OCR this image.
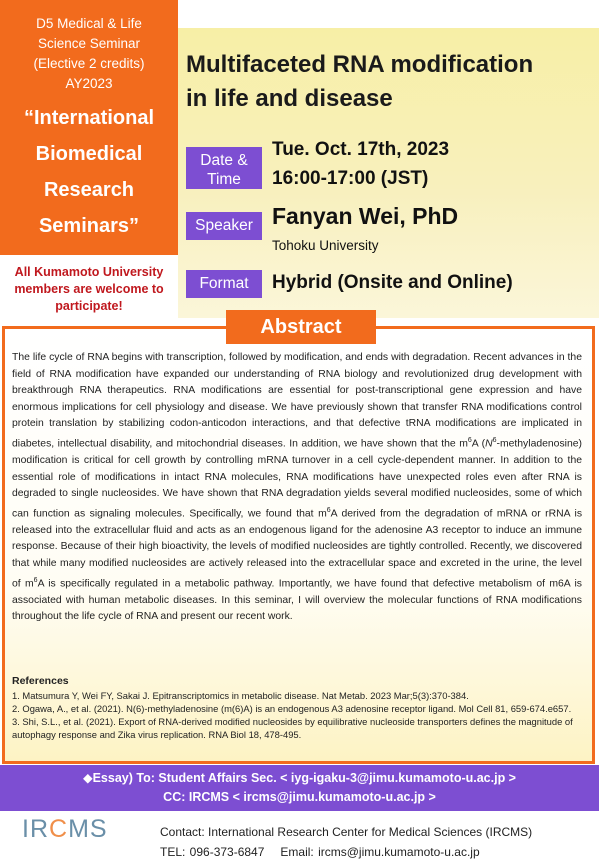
D5 Medical & Life
Science Seminar
(Elective 2 credits)
AY2023
“International
Biomedical
Research
Seminars”
All Kumamoto University
members are welcome to
participate!
Multifaceted RNA modification
in life and disease
Date &
Time
Tue. Oct. 17th, 2023
16:00-17:00 (JST)
Speaker Fanyan Wei, PhD
Tohoku University
Format	Hybrid (Onsite and Online)
Abstract
The life cycle of RNA begins with transcription, followed by modification, and ends with degradation. Recent advances in the field of RNA modification have expanded our understanding of RNA biology and revolutionized drug development with breakthrough RNA therapeutics. RNA modifications are essential for post-transcriptional gene expression and have enormous implications for cell physiology and disease. We have previously shown that transfer RNA modifications control protein translation by stabilizing codon-anticodon interactions, and that defective tRNA modifications are implicated in diabetes, intellectual disability, and mitochondrial diseases. In addition, we have shown that the $m^6A$ $(N^6-methyladenosine)$ modification is critical for cell growth by controlling mRNA turnover in a cell cycle-dependent manner. In addition to the essential role of modifications in intact RNA molecules, RNA modifications have unexpected roles even after RNA is degraded to single nucleosides. We have shown that RNA degradation yields several modified nucleosides, some of which can function as signaling molecules. Specifically, we found that $m^6A$ derived from the degradation of mRNA or rRNA is released into the extracellular fluid and acts as an endogenous ligand for the adenosine A3 receptor to induce an immune response. Because of their high bioactivity, the levels of modified nucleosides are tightly controlled. Recently, we discovered that while many modified nucleosides are actively released into the extracellular space and excreted in the urine, the level of $m^6A$ is specifically regulated in a metabolic pathway. Importantly, we have found that defective metabolism of m6A is associated with human metabolic diseases. In this seminar, I will overview the molecular functions of RNA modifications throughout the life cycle of RNA and present our recent work.
References
1. Matsumura Y, Wei FY, Sakai J. Epitranscriptomics in metabolic disease. Nat Metab. 2023 Mar;5(3):370-384.
2. Ogawa, A., et al. (2021). N(6)-methyladenosine (m(6)A) is an endogenous A3 adenosine receptor ligand. Mol Cell 81, 659-674.e657.
3. Shi, S.L., et al. (2021). Export of RNA-derived modified nucleosides by equilibrative nucleoside transporters defines the magnitude of autophagy response and Zika virus replication. RNA Biol 18, 478-495.
◆Essay) To: Student Affairs Sec. < iyg-igaku-3@jimu.kumamoto-u.ac.jp >
CC: IRCMS < ircms@jimu.kumamoto-u.ac.jp >
IRCMS	Contact: International Research Center for Medical Sciences (IRCMS)
TEL: 096-373-6847 Email: ircms@jimu.kumamoto-u.ac.jp
